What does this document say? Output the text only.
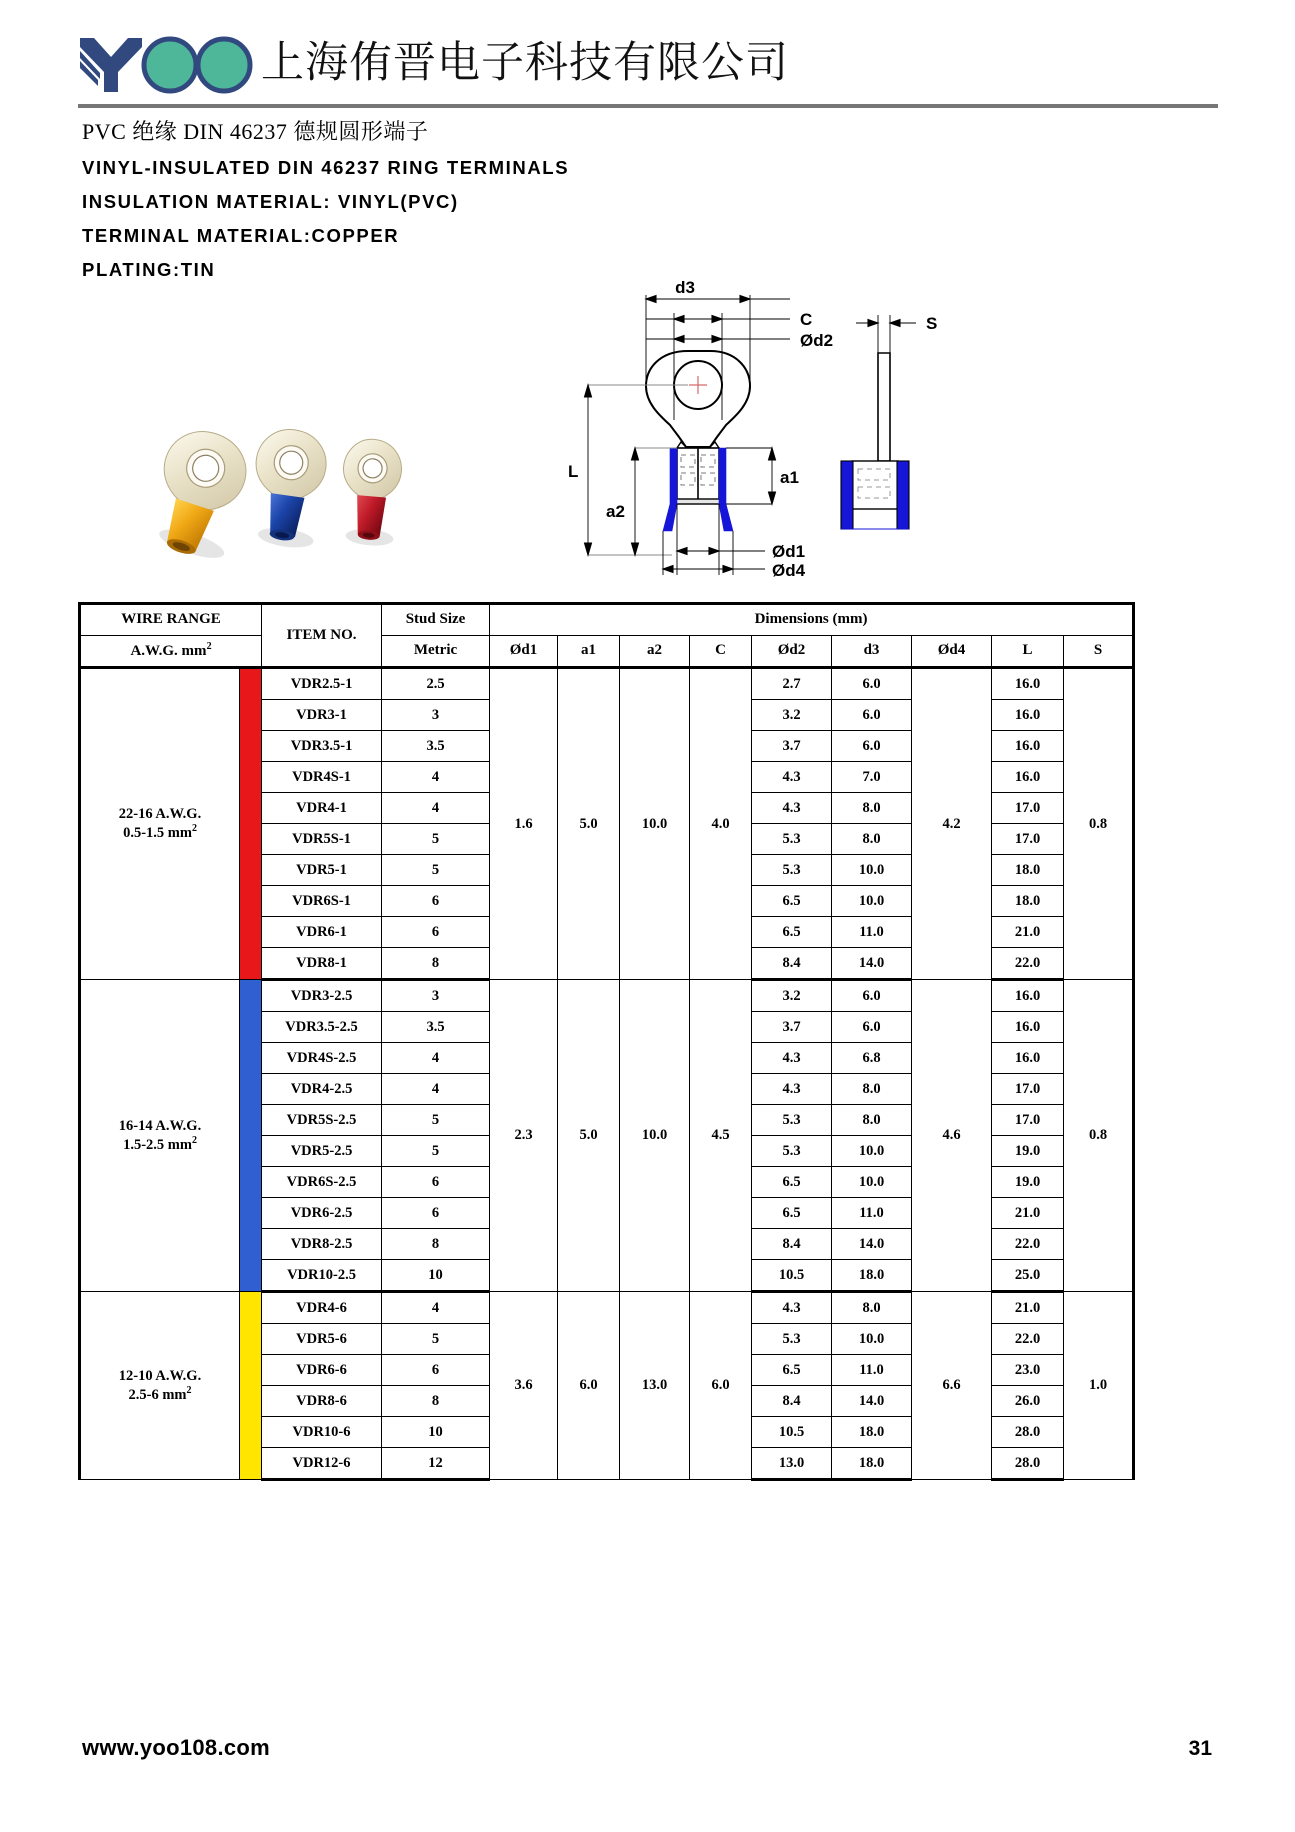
上海侑晋电子科技有限公司
PVC 绝缘 DIN 46237 德规圆形端子
VINYL-INSULATED DIN 46237 RING TERMINALS
INSULATION MATERIAL: VINYL(PVC)
TERMINAL MATERIAL:COPPER
PLATING:TIN
d3
C
Ød2
L
a2
a1
Ød1
Ød4
S
WIRE RANGE		ITEM NO.	Stud Size	Dimensions (mm)								
A.W.G. $mm^2$			Metric	Ød1	a1	a2	C	Ød2	d3	Ød4	L	S

22-16 A.W.G.
0.5-1.5 $mm^2$		VDR2.5-1	2.5	1.6	5.0	10.0	4.0	2.7	6.0	4.2	16.0	0.8
		VDR3-1	3					3.2	6.0		16.0	
		VDR3.5-1	3.5					3.7	6.0		16.0	
		VDR4S-1	4					4.3	7.0		16.0	
		VDR4-1	4					4.3	8.0		17.0	
		VDR5S-1	5					5.3	8.0		17.0	
		VDR5-1	5					5.3	10.0		18.0	
		VDR6S-1	6					6.5	10.0		18.0	
		VDR6-1	6					6.5	11.0		21.0	
		VDR8-1	8					8.4	14.0		22.0	

16-14 A.W.G.
1.5-2.5 $mm^2$		VDR3-2.5	3	2.3	5.0	10.0	4.5	3.2	6.0	4.6	16.0	0.8
		VDR3.5-2.5	3.5					3.7	6.0		16.0	
		VDR4S-2.5	4					4.3	6.8		16.0	
		VDR4-2.5	4					4.3	8.0		17.0	
		VDR5S-2.5	5					5.3	8.0		17.0	
		VDR5-2.5	5					5.3	10.0		19.0	
		VDR6S-2.5	6					6.5	10.0		19.0	
		VDR6-2.5	6					6.5	11.0		21.0	
		VDR8-2.5	8					8.4	14.0		22.0	
		VDR10-2.5	10					10.5	18.0		25.0	

12-10 A.W.G.
2.5-6 $mm^2$		VDR4-6	4	3.6	6.0	13.0	6.0	4.3	8.0	6.6	21.0	1.0
		VDR5-6	5					5.3	10.0		22.0	
		VDR6-6	6					6.5	11.0		23.0	
		VDR8-6	8					8.4	14.0		26.0	
		VDR10-6	10					10.5	18.0		28.0	
		VDR12-6	12					13.0	18.0		28.0	
www.yoo108.com	31
